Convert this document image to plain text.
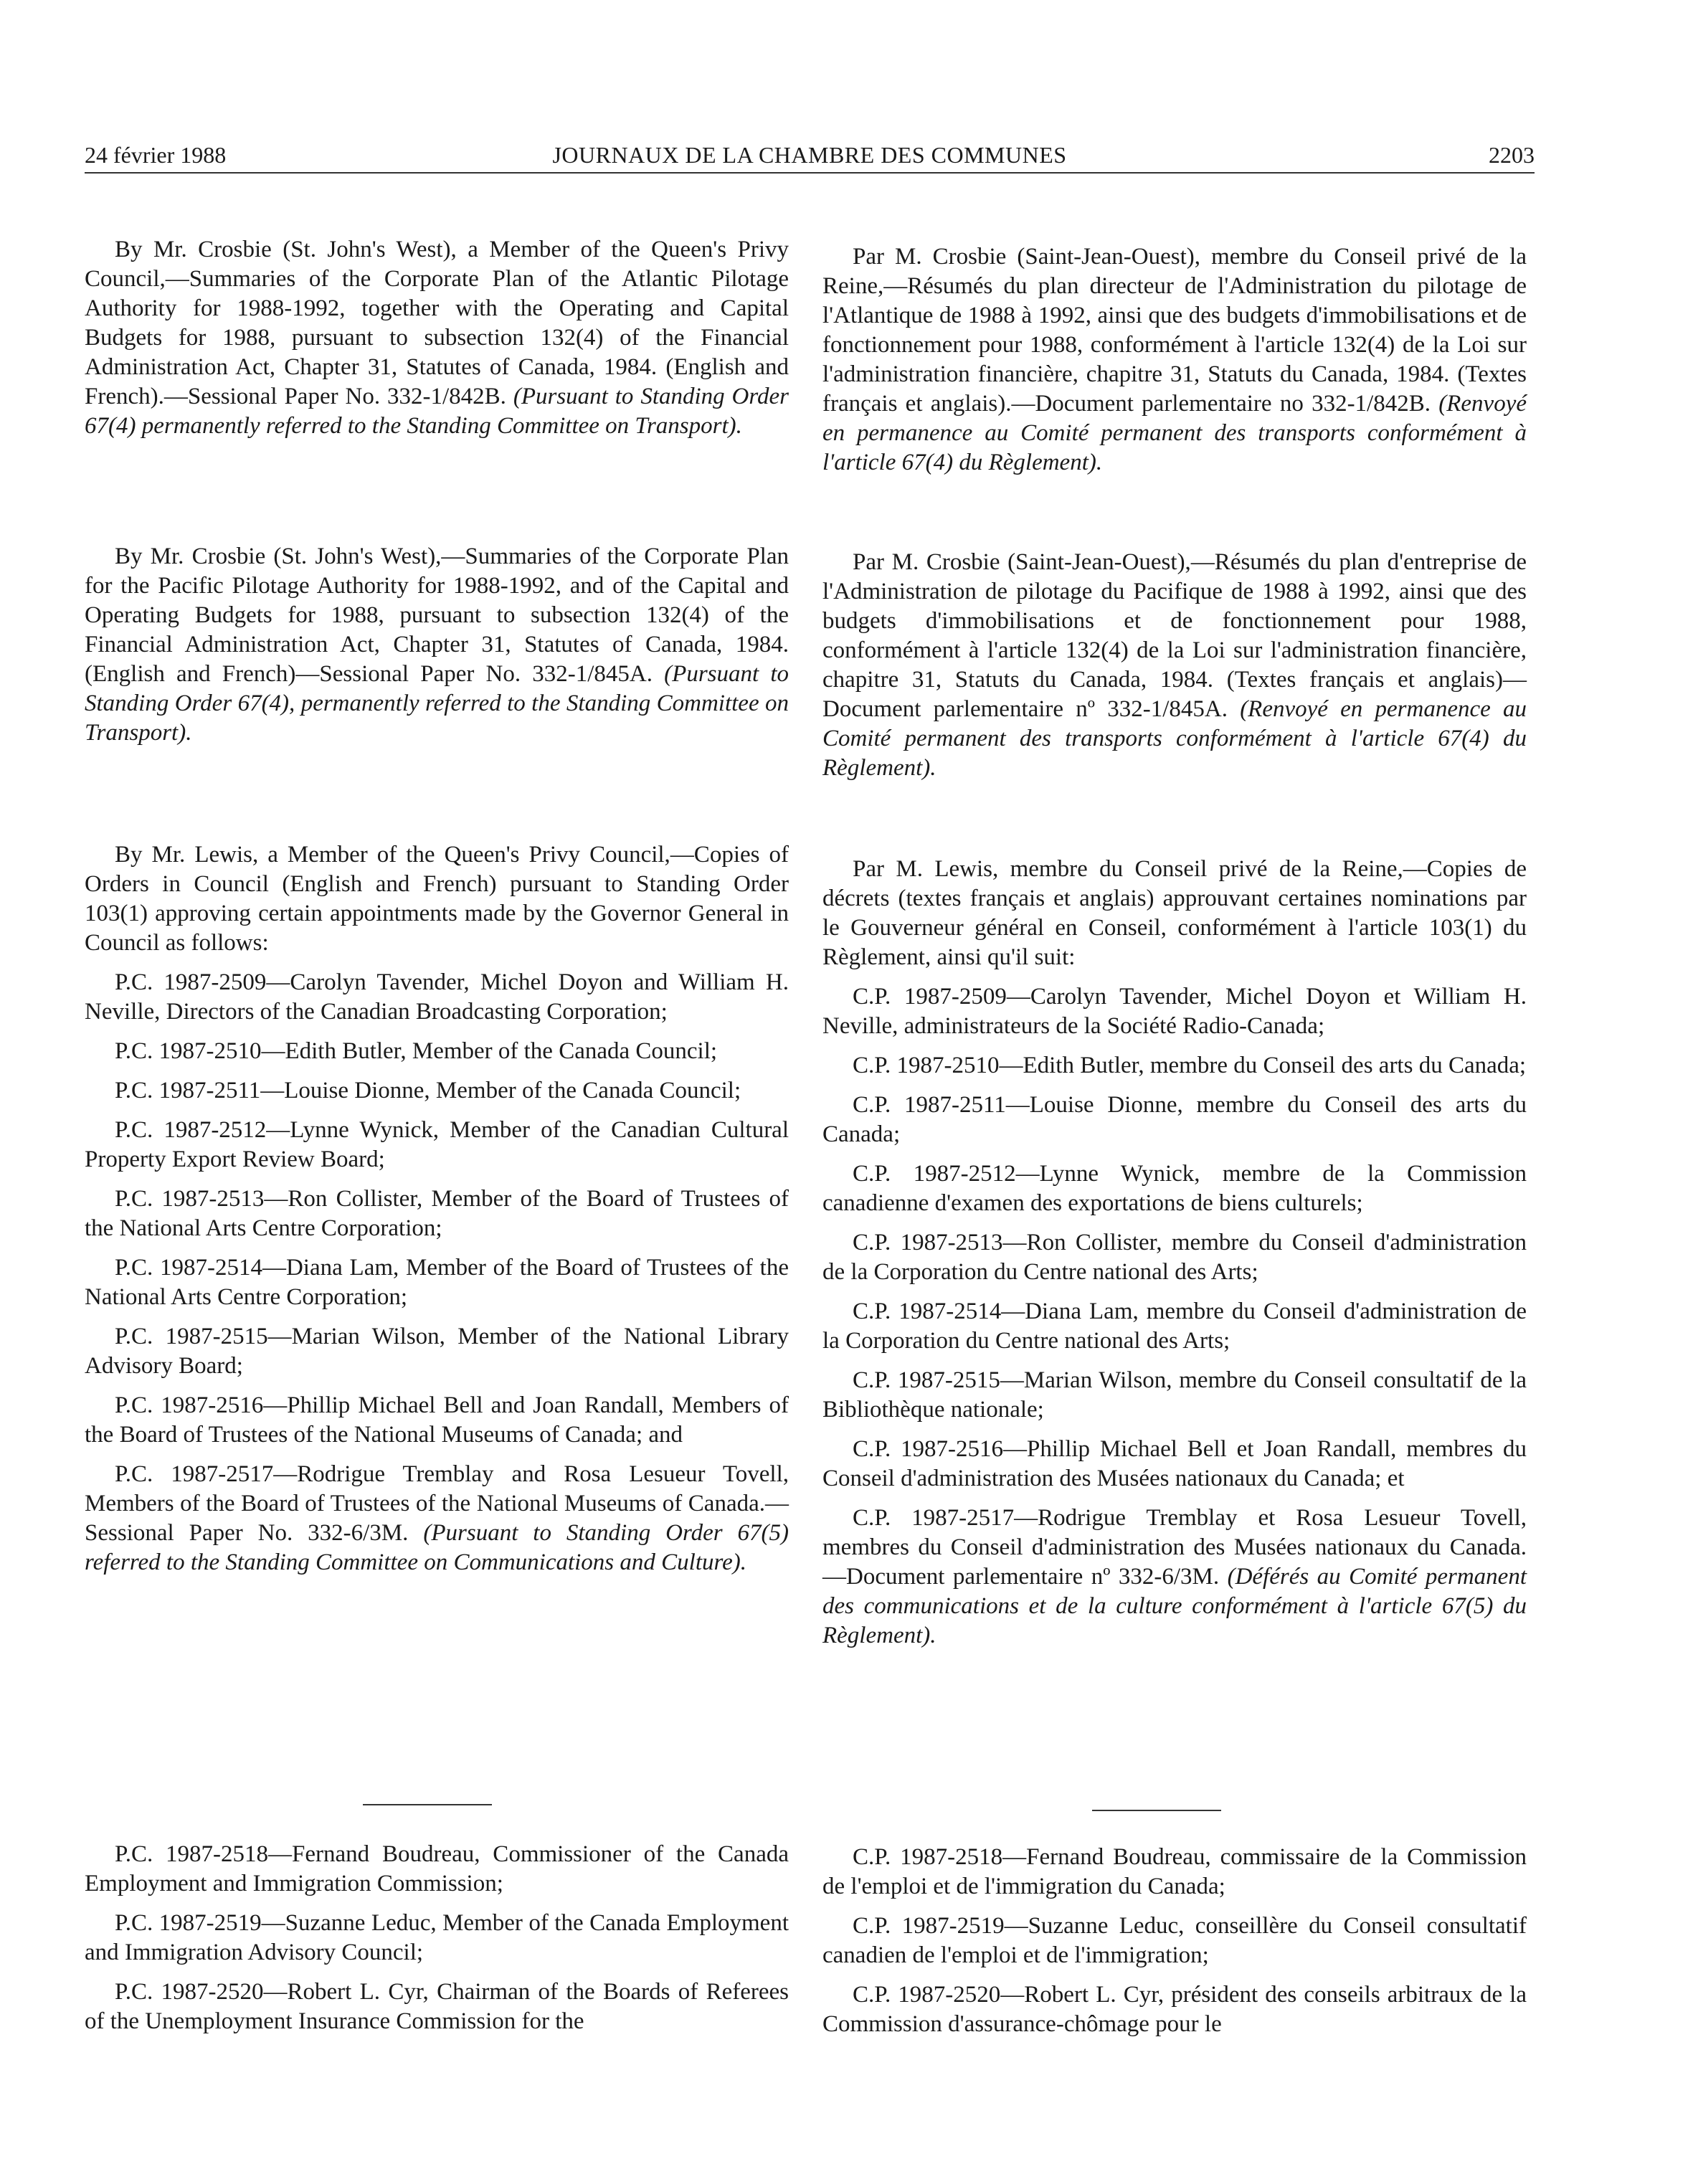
24 février 1988	JOURNAUX DE LA CHAMBRE DES COMMUNES	2203

By Mr. Crosbie (St. John's West), a Member of the Queen's Privy Council,—Summaries of the Corporate Plan of the Atlantic Pilotage Authority for 1988-1992, together with the Operating and Capital Budgets for 1988, pursuant to subsection 132(4) of the Financial Administration Act, Chapter 31, Statutes of Canada, 1984. (English and French).—Sessional Paper No. 332-1/842B. (Pursuant to Standing Order 67(4) permanently referred to the Standing Committee on Transport).

By Mr. Crosbie (St. John's West),—Summaries of the Corporate Plan for the Pacific Pilotage Authority for 1988-1992, and of the Capital and Operating Budgets for 1988, pursuant to subsection 132(4) of the Financial Administration Act, Chapter 31, Statutes of Canada, 1984. (English and French)—Sessional Paper No. 332-1/845A. (Pursuant to Standing Order 67(4), permanently referred to the Standing Committee on Transport).

By Mr. Lewis, a Member of the Queen's Privy Council,—Copies of Orders in Council (English and French) pursuant to Standing Order 103(1) approving certain appointments made by the Governor General in Council as follows:

P.C. 1987-2509—Carolyn Tavender, Michel Doyon and William H. Neville, Directors of the Canadian Broadcasting Corporation;

P.C. 1987-2510—Edith Butler, Member of the Canada Council;

P.C. 1987-2511—Louise Dionne, Member of the Canada Council;

P.C. 1987-2512—Lynne Wynick, Member of the Canadian Cultural Property Export Review Board;

P.C. 1987-2513—Ron Collister, Member of the Board of Trustees of the National Arts Centre Corporation;

P.C. 1987-2514—Diana Lam, Member of the Board of Trustees of the National Arts Centre Corporation;

P.C. 1987-2515—Marian Wilson, Member of the National Library Advisory Board;

P.C. 1987-2516—Phillip Michael Bell and Joan Randall, Members of the Board of Trustees of the National Museums of Canada; and

P.C. 1987-2517—Rodrigue Tremblay and Rosa Lesueur Tovell, Members of the Board of Trustees of the National Museums of Canada.—Sessional Paper No. 332-6/3M. (Pursuant to Standing Order 67(5) referred to the Standing Committee on Communications and Culture).

P.C. 1987-2518—Fernand Boudreau, Commissioner of the Canada Employment and Immigration Commission;

P.C. 1987-2519—Suzanne Leduc, Member of the Canada Employment and Immigration Advisory Council;

P.C. 1987-2520—Robert L. Cyr, Chairman of the Boards of Referees of the Unemployment Insurance Commission for the

Par M. Crosbie (Saint-Jean-Ouest), membre du Conseil privé de la Reine,—Résumés du plan directeur de l'Administration du pilotage de l'Atlantique de 1988 à 1992, ainsi que des budgets d'immobilisations et de fonctionnement pour 1988, conformément à l'article 132(4) de la Loi sur l'administration financière, chapitre 31, Statuts du Canada, 1984. (Textes français et anglais).—Document parlementaire no 332-1/842B. (Renvoyé en permanence au Comité permanent des transports conformément à l'article 67(4) du Règlement).

Par M. Crosbie (Saint-Jean-Ouest),—Résumés du plan d'entreprise de l'Administration de pilotage du Pacifique de 1988 à 1992, ainsi que des budgets d'immobilisations et de fonctionnement pour 1988, conformément à l'article 132(4) de la Loi sur l'administration financière, chapitre 31, Statuts du Canada, 1984. (Textes français et anglais)—Document parlementaire nº 332-1/845A. (Renvoyé en permanence au Comité permanent des transports conformément à l'article 67(4) du Règlement).

Par M. Lewis, membre du Conseil privé de la Reine,—Copies de décrets (textes français et anglais) approuvant certaines nominations par le Gouverneur général en Conseil, conformément à l'article 103(1) du Règlement, ainsi qu'il suit:

C.P. 1987-2509—Carolyn Tavender, Michel Doyon et William H. Neville, administrateurs de la Société Radio-Canada;

C.P. 1987-2510—Edith Butler, membre du Conseil des arts du Canada;

C.P. 1987-2511—Louise Dionne, membre du Conseil des arts du Canada;

C.P. 1987-2512—Lynne Wynick, membre de la Commission canadienne d'examen des exportations de biens culturels;

C.P. 1987-2513—Ron Collister, membre du Conseil d'administration de la Corporation du Centre national des Arts;

C.P. 1987-2514—Diana Lam, membre du Conseil d'administration de la Corporation du Centre national des Arts;

C.P. 1987-2515—Marian Wilson, membre du Conseil consultatif de la Bibliothèque nationale;

C.P. 1987-2516—Phillip Michael Bell et Joan Randall, membres du Conseil d'administration des Musées nationaux du Canada; et

C.P. 1987-2517—Rodrigue Tremblay et Rosa Lesueur Tovell, membres du Conseil d'administration des Musées nationaux du Canada.—Document parlementaire nº 332-6/3M. (Déférés au Comité permanent des communications et de la culture conformément à l'article 67(5) du Règlement).

C.P. 1987-2518—Fernand Boudreau, commissaire de la Commission de l'emploi et de l'immigration du Canada;

C.P. 1987-2519—Suzanne Leduc, conseillère du Conseil consultatif canadien de l'emploi et de l'immigration;

C.P. 1987-2520—Robert L. Cyr, président des conseils arbitraux de la Commission d'assurance-chômage pour le
